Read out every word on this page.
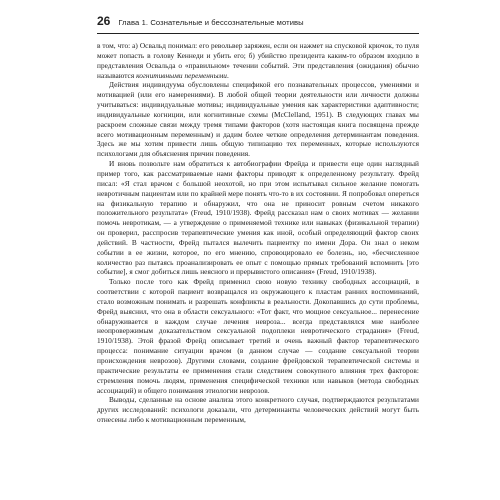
26 Глава 1. Сознательные и бессознательные мотивы

в том, что: а) Освальд понимал: его револьвер заряжен, если он нажмет на спусковой крючок, то пуля может попасть в голову Кеннеди и убить его; б) убийство президента каким-то образом входило в представления Освальда о «правильном» течении событий. Эти представления (ожидания) обычно называются когнитивными переменными.

Действия индивидуума обусловлены спецификой его познавательных процессов, умениями и мотивацией (или его намерениями). В любой общей теории деятельности или личности должны учитываться: индивидуальные мотивы; индивидуальные умения как характеристики адаптивности; индивидуальные когниции, или когнитивные схемы (McClelland, 1951). В следующих главах мы раскроем сложные связи между тремя типами факторов (хотя настоящая книга посвящена прежде всего мотивационным переменным) и дадим более четкие определения детерминантам поведения. Здесь же мы хотим привести лишь общую типизацию тех переменных, которые используются психологами для объяснения причин поведения.

И вновь позвольте нам обратиться к автобиографии Фрейда и привести еще один наглядный пример того, как рассматриваемые нами факторы приводят к определенному результату. Фрейд писал: «Я стал врачом с большой неохотой, но при этом испытывал сильное желание помогать невротичным пациентам или по крайней мере понять что-то в их состоянии. Я попробовал опереться на физикальную терапию и обнаружил, что она не приносит ровным счетом никакого положительного результата» (Freud, 1910/1938). Фрейд рассказал нам о своих мотивах — желании помочь невротикам, — а утверждение о применяемой технике или навыках (физикальной терапии) он проверил, расспросив терапевтические умения как иной, особый определяющий фактор своих действий. В частности, Фрейд пытался вылечить пациентку по имени Дора. Он знал о неком событии в ее жизни, которое, по его мнению, спровоцировало ее болезнь, но, «бесчисленное количество раз пытаясь проанализировать ее опыт с помощью прямых требований вспомнить [это событие], я смог добиться лишь неясного и прерывистого описания» (Freud, 1910/1938).

Только после того как Фрейд применил свою новую технику свободных ассоциаций, в соответствии с которой пациент возвращался из окружающего к пластам ранних воспоминаний, стало возможным понимать и разрешать конфликты в реальности. Докопавшись до сути проблемы, Фрейд выяснил, что она в области сексуального: «Тот факт, что мощное сексуальное... перенесение обнаруживается в каждом случае лечения невроза... всегда представлялся мне наиболее неопровержимым доказательством сексуальной подоплеки невротического страдания» (Freud, 1910/1938). Этой фразой Фрейд описывает третий и очень важный фактор терапевтического процесса: понимание ситуации врачом (в данном случае — создание сексуальной теории происхождения неврозов). Другими словами, создание фрейдовской терапевтической системы и практические результаты ее применения стали следствием совокупного влияния трех факторов: стремления помочь людям, применения специфической техники или навыков (метода свободных ассоциаций) и общего понимания этиологии неврозов.

Выводы, сделанные на основе анализа этого конкретного случая, подтверждаются результатами других исследований: психологи доказали, что детерминанты человеческих действий могут быть отнесены либо к мотивационным переменным,
